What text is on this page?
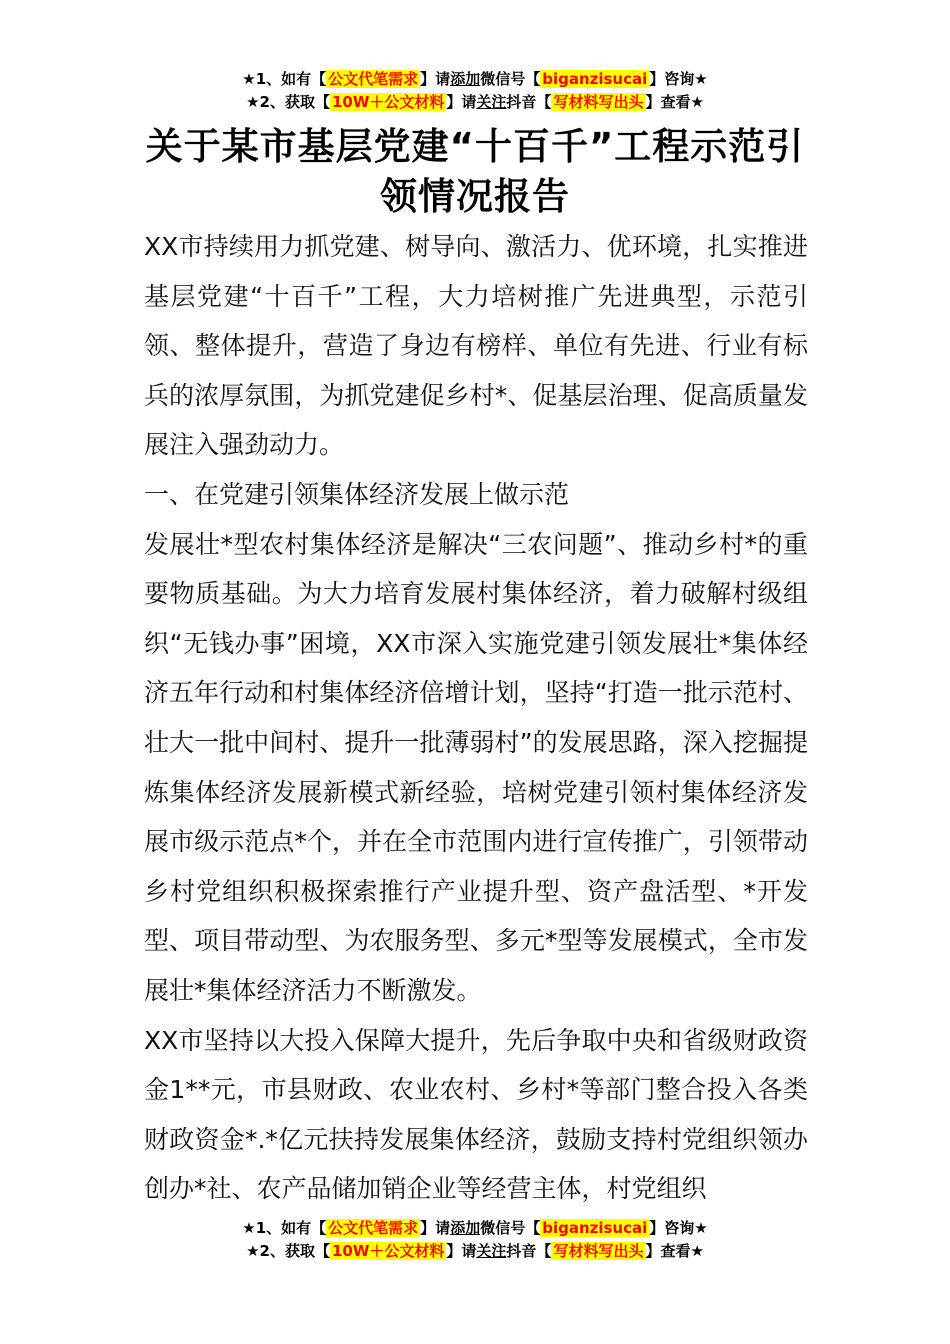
★1、如有【 公文代笔需求 】请添加微信号【 biganzisucai 】咨询★
★2、获取【 10W＋公文材料 】请关注抖音【 写材料写出头 】查看★
关于某市基层党建“十百千”工程示范引
领情况报告

XX市持续用力抓党建、树导向、激活力、优环境，扎实推进基层党建“十百千”工程，大力培树推广先进典型，示范引领、整体提升，营造了身边有榜样、单位有先进、行业有标兵的浓厚氛围，为抓党建促乡村*、促基层治理、促高质量发展注入强劲动力。

一、在党建引领集体经济发展上做示范

发展壮*型农村集体经济是解决“三农问题”、推动乡村*的重要物质基础。为大力培育发展村集体经济，着力破解村级组织“无钱办事”困境，XX市深入实施党建引领发展壮*集体经济五年行动和村集体经济倍增计划，坚持“打造一批示范村、壮大一批中间村、提升一批薄弱村”的发展思路，深入挖掘提炼集体经济发展新模式新经验，培树党建引领村集体经济发展市级示范点*个，并在全市范围内进行宣传推广，引领带动乡村党组织积极探索推行产业提升型、资产盘活型、*开发型、项目带动型、为农服务型、多元*型等发展模式，全市发展壮*集体经济活力不断激发。

XX市坚持以大投入保障大提升，先后争取中央和省级财政资金1**元，市县财政、农业农村、乡村*等部门整合投入各类财政资金*.*亿元扶持发展集体经济，鼓励支持村党组织领办创办*社、农产品储加销企业等经营主体，村党组织

★1、如有【 公文代笔需求 】请添加微信号【 biganzisucai 】咨询★
★2、获取【 10W＋公文材料 】请关注抖音【 写材料写出头 】查看★
